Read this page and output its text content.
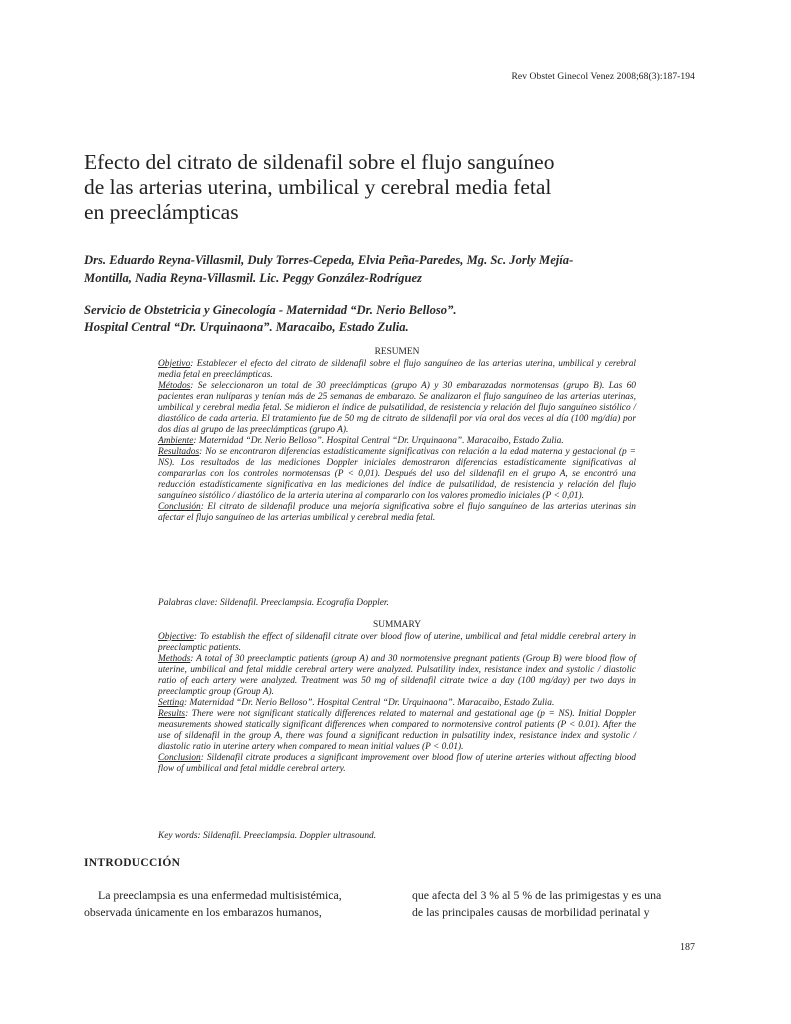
Rev Obstet Ginecol Venez 2008;68(3):187-194
Efecto del citrato de sildenafil sobre el flujo sanguíneo
de las arterias uterina, umbilical y cerebral media fetal
en preeclámpticas
Drs. Eduardo Reyna-Villasmil, Duly Torres-Cepeda, Elvia Peña-Paredes, Mg. Sc. Jorly Mejía-
Montilla, Nadia Reyna-Villasmil. Lic. Peggy González-Rodríguez
Servicio de Obstetricia y Ginecología - Maternidad “Dr. Nerio Belloso”.
Hospital Central “Dr. Urquinaona”. Maracaibo, Estado Zulia.
RESUMEN

Objetivo: Establecer el efecto del citrato de sildenafil sobre el flujo sanguíneo de las arterias uterina, umbilical y cerebral media fetal en preeclámpticas.

Métodos: Se seleccionaron un total de 30 preeclámpticas (grupo A) y 30 embarazadas normotensas (grupo B). Las 60 pacientes eran nulíparas y tenían más de 25 semanas de embarazo. Se analizaron el flujo sanguíneo de las arterias uterinas, umbilical y cerebral media fetal. Se midieron el índice de pulsatilidad, de resistencia y relación del flujo sanguíneo sistólico / diastólico de cada arteria. El tratamiento fue de 50 mg de citrato de sildenafil por vía oral dos veces al día (100 mg/día) por dos días al grupo de las preeclámpticas (grupo A).

Ambiente: Maternidad “Dr. Nerio Belloso”. Hospital Central “Dr. Urquinaona”. Maracaibo, Estado Zulia.

Resultados: No se encontraron diferencias estadísticamente significativas con relación a la edad materna y gestacional (p = NS). Los resultados de las mediciones Doppler iniciales demostraron diferencias estadísticamente significativas al compararlas con los controles normotensas (P < 0,01). Después del uso del sildenafil en el grupo A, se encontró una reducción estadísticamente significativa en las mediciones del índice de pulsatilidad, de resistencia y relación del flujo sanguíneo sistólico / diastólico de la arteria uterina al compararlo con los valores promedio iniciales (P < 0,01).

Conclusión: El citrato de sildenafil produce una mejoría significativa sobre el flujo sanguíneo de las arterias uterinas sin afectar el flujo sanguíneo de las arterias umbilical y cerebral media fetal.

Palabras clave: Sildenafil. Preeclampsia. Ecografía Doppler.
SUMMARY

Objective: To establish the effect of sildenafil citrate over blood flow of uterine, umbilical and fetal middle cerebral artery in preeclamptic patients.

Methods: A total of 30 preeclamptic patients (group A) and 30 normotensive pregnant patients (Group B) were blood flow of uterine, umbilical and fetal middle cerebral artery were analyzed. Pulsatility index, resistance index and systolic / diastolic ratio of each artery were analyzed. Treatment was 50 mg of sildenafil citrate twice a day (100 mg/day) per two days in preeclamptic group (Group A).

Setting: Maternidad “Dr. Nerio Belloso”. Hospital Central “Dr. Urquinaona”. Maracaibo, Estado Zulia.

Results: There were not significant statically differences related to maternal and gestational age (p = NS). Initial Doppler measurements showed statically significant differences when compared to normotensive control patients (P < 0.01). After the use of sildenafil in the group A, there was found a significant reduction in pulsatility index, resistance index and systolic / diastolic ratio in uterine artery when compared to mean initial values (P < 0.01).

Conclusion: Sildenafil citrate produces a significant improvement over blood flow of uterine arteries without affecting blood flow of umbilical and fetal middle cerebral artery.

Key words: Sildenafil. Preeclampsia. Doppler ultrasound.
INTRODUCCIÓN
La preeclampsia es una enfermedad multisistémica,
observada únicamente en los embarazos humanos,
que afecta del 3 % al 5 % de las primigestas y es una
de las principales causas de morbilidad perinatal y
187
